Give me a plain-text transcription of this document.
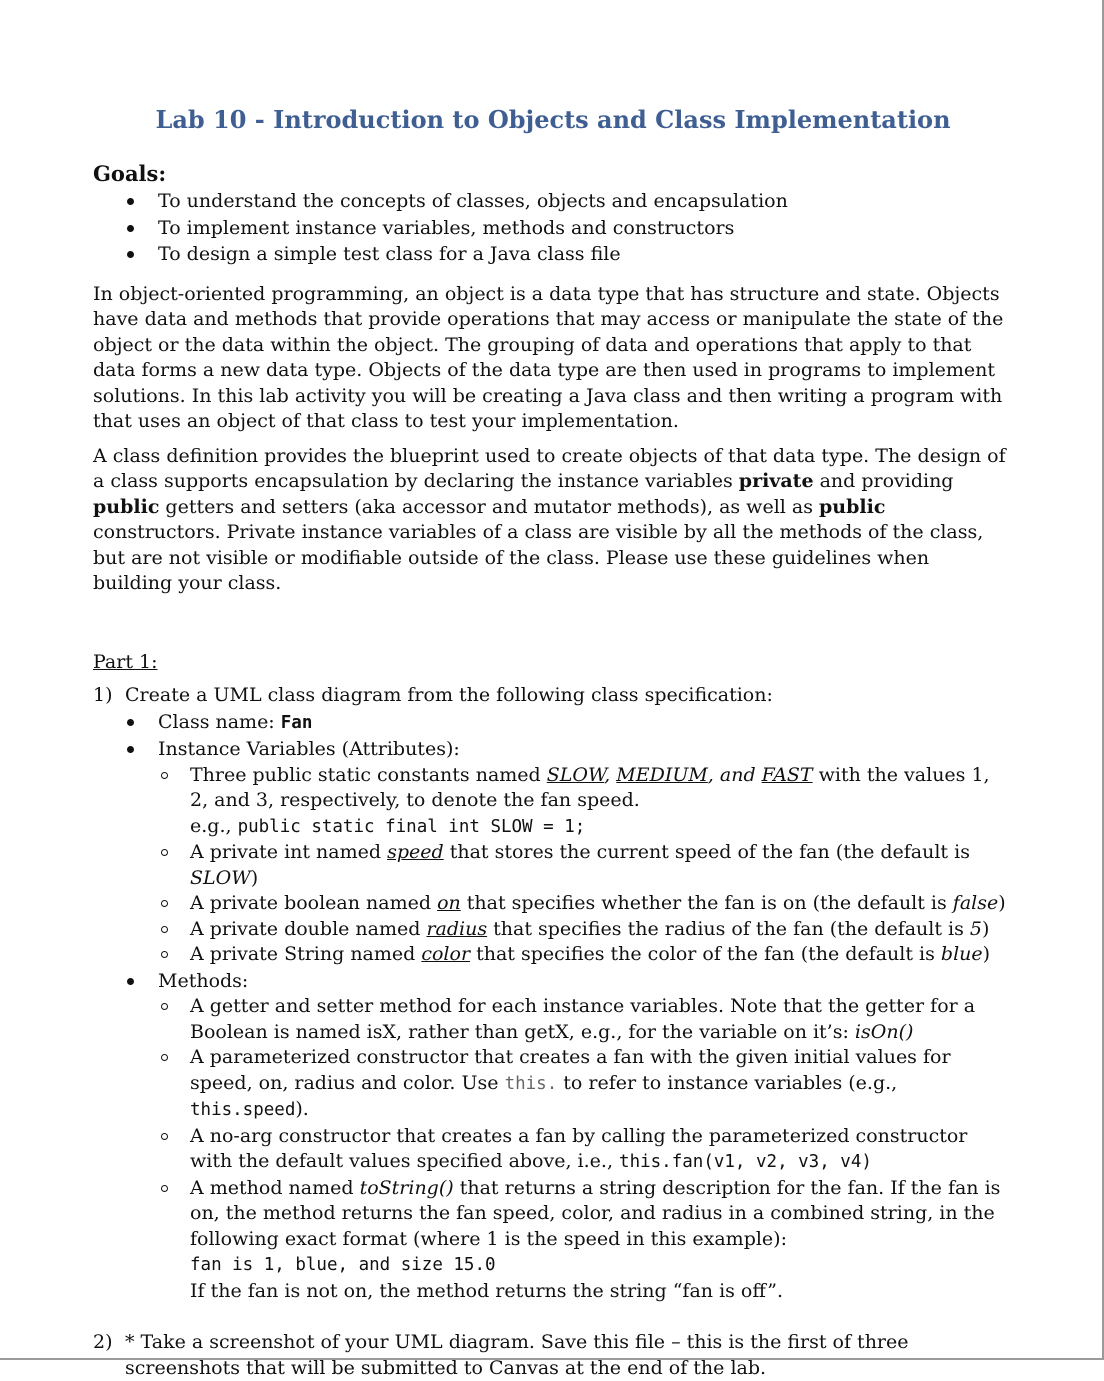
Lab 10 - Introduction to Objects and Class Implementation
Goals:
To understand the concepts of classes, objects and encapsulation
To implement instance variables, methods and constructors
To design a simple test class for a Java class file

In object-oriented programming, an object is a data type that has structure and state. Objects have data and methods that provide operations that may access or manipulate the state of the object or the data within the object. The grouping of data and operations that apply to that data forms a new data type. Objects of the data type are then used in programs to implement solutions. In this lab activity you will be creating a Java class and then writing a program with that uses an object of that class to test your implementation.

A class definition provides the blueprint used to create objects of that data type. The design of a class supports encapsulation by declaring the instance variables private and providing public getters and setters (aka accessor and mutator methods), as well as public constructors. Private instance variables of a class are visible by all the methods of the class, but are not visible or modifiable outside of the class. Please use these guidelines when building your class.

Part 1:
1) Create a UML class diagram from the following class specification:
Class name: Fan
Instance Variables (Attributes):
Three public static constants named SLOW, MEDIUM, and FAST with the values 1, 2, and 3, respectively, to denote the fan speed.
e.g., public static final int SLOW = 1;
A private int named speed that stores the current speed of the fan (the default is SLOW)
A private boolean named on that specifies whether the fan is on (the default is false)
A private double named radius that specifies the radius of the fan (the default is 5)
A private String named color that specifies the color of the fan (the default is blue)
Methods:
A getter and setter method for each instance variables. Note that the getter for a Boolean is named isX, rather than getX, e.g., for the variable on it’s: isOn()
A parameterized constructor that creates a fan with the given initial values for speed, on, radius and color. Use this. to refer to instance variables (e.g., this.speed).
A no-arg constructor that creates a fan by calling the parameterized constructor with the default values specified above, i.e., this.fan(v1, v2, v3, v4)
A method named toString() that returns a string description for the fan. If the fan is on, the method returns the fan speed, color, and radius in a combined string, in the following exact format (where 1 is the speed in this example):
fan is 1, blue, and size 15.0
If the fan is not on, the method returns the string “fan is off”.
2) * Take a screenshot of your UML diagram. Save this file – this is the first of three screenshots that will be submitted to Canvas at the end of the lab.
